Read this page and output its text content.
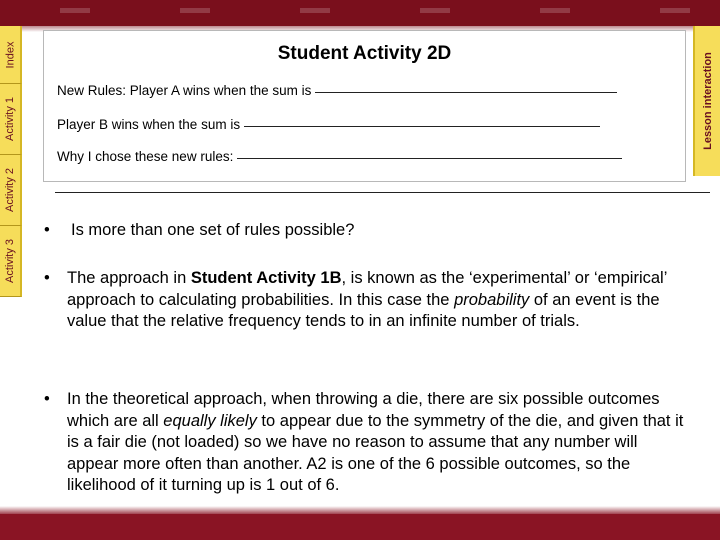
Index
Activity 1
Activity 2
Activity 3
Lesson interaction
Student Activity 2D
New Rules: Player A wins when the sum is
Player B wins when the sum is
Why I chose these new rules:
•	Is more than one set of rules possible?
•	The approach in Student Activity 1B, is known as the ‘experimental’ or ‘empirical’ approach to calculating probabilities. In this case the probability of an event is the value that the relative frequency tends to in an infinite number of trials.
•	In the theoretical approach, when throwing a die, there are six possible outcomes which are all equally likely to appear due to the symmetry of the die, and given that it is a fair die (not loaded) so we have no reason to assume that any number will appear more often than another. A2 is one of the 6 possible outcomes, so the likelihood of it turning up is 1 out of 6.
